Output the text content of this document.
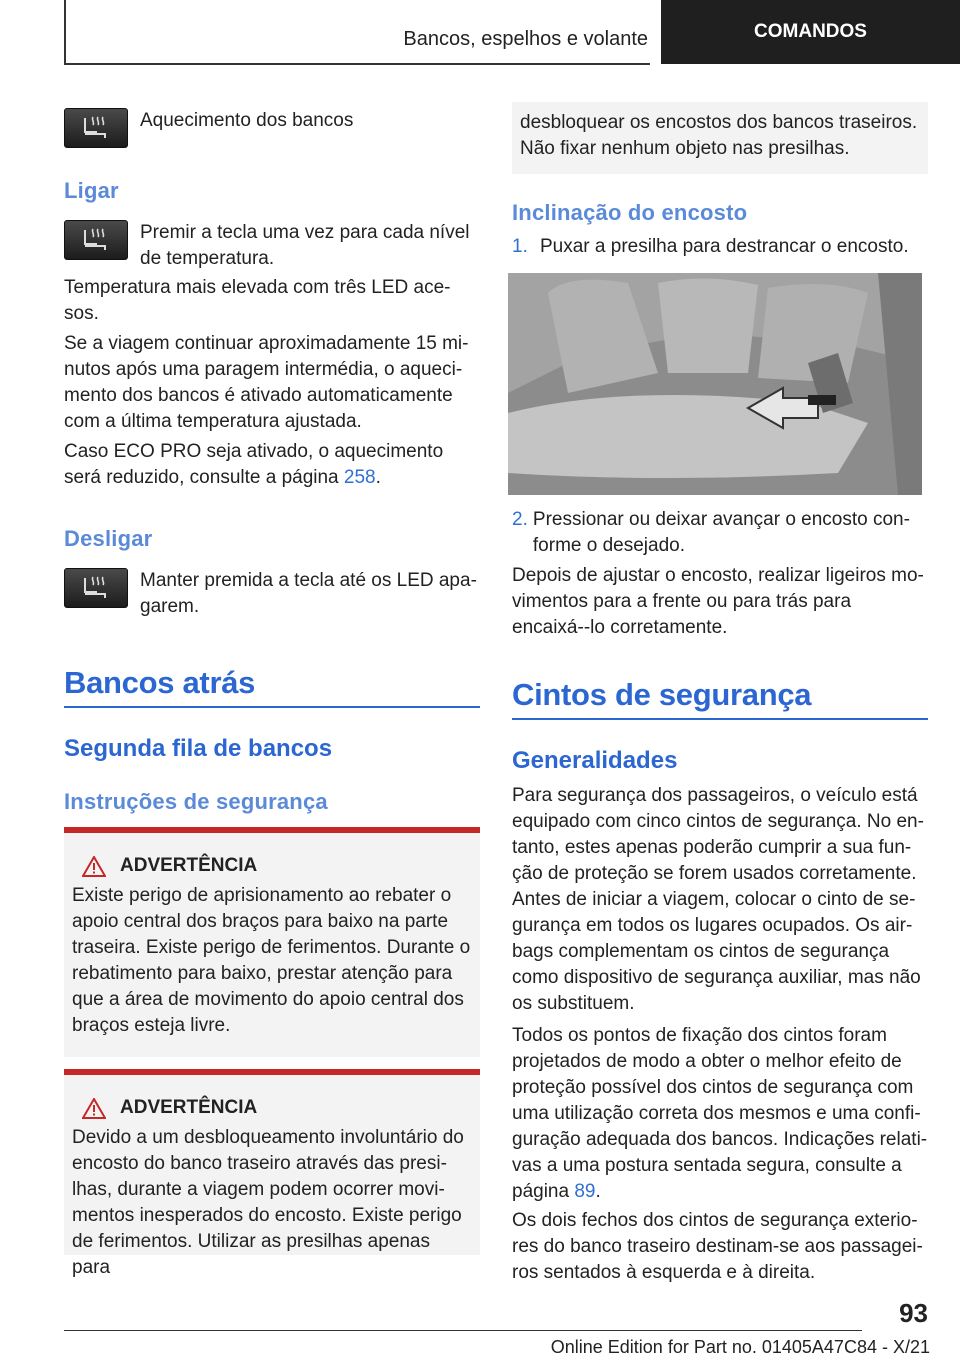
Bancos, espelhos e volante	COMANDOS
Aquecimento dos bancos
Ligar
Premir a tecla uma vez para cada nível de temperatura.

Temperatura mais elevada com três LED ace-sos.

Se a viagem continuar aproximadamente 15 mi-nutos após uma paragem intermédia, o aqueci-mento dos bancos é ativado automaticamente com a última temperatura ajustada.

Caso ECO PRO seja ativado, o aquecimento será reduzido, consulte a página 258.

Desligar
Manter premida a tecla até os LED apa-garem.
Bancos atrás
Segunda fila de bancos
Instruções de segurança
ADVERTÊNCIA

Existe perigo de aprisionamento ao rebater o apoio central dos braços para baixo na parte traseira. Existe perigo de ferimentos. Durante o rebatimento para baixo, prestar atenção para que a área de movimento do apoio central dos braços esteja livre.

ADVERTÊNCIA

Devido a um desbloqueamento involuntário do encosto do banco traseiro através das presi-lhas, durante a viagem podem ocorrer movi-mentos inesperados do encosto. Existe perigo de ferimentos. Utilizar as presilhas apenas para

desbloquear os encostos dos bancos traseiros. Não fixar nenhum objeto nas presilhas.

Inclinação do encosto
1. Puxar a presilha para destrancar o encosto.
2. Pressionar ou deixar avançar o encosto con-forme o desejado.

Depois de ajustar o encosto, realizar ligeiros mo-vimentos para a frente ou para trás para encaixá--lo corretamente.

Cintos de segurança
Generalidades

Para segurança dos passageiros, o veículo está equipado com cinco cintos de segurança. No en-tanto, estes apenas poderão cumprir a sua fun-ção de proteção se forem usados corretamente.

Antes de iniciar a viagem, colocar o cinto de se-gurança em todos os lugares ocupados. Os air-bags complementam os cintos de segurança como dispositivo de segurança auxiliar, mas não os substituem.

Todos os pontos de fixação dos cintos foram projetados de modo a obter o melhor efeito de proteção possível dos cintos de segurança com uma utilização correta dos mesmos e uma confi-guração adequada dos bancos. Indicações relati-vas a uma postura sentada segura, consulte a página 89.

Os dois fechos dos cintos de segurança exterio-res do banco traseiro destinam-se aos passagei-ros sentados à esquerda e à direita.

93
Online Edition for Part no. 01405A47C84 - X/21
